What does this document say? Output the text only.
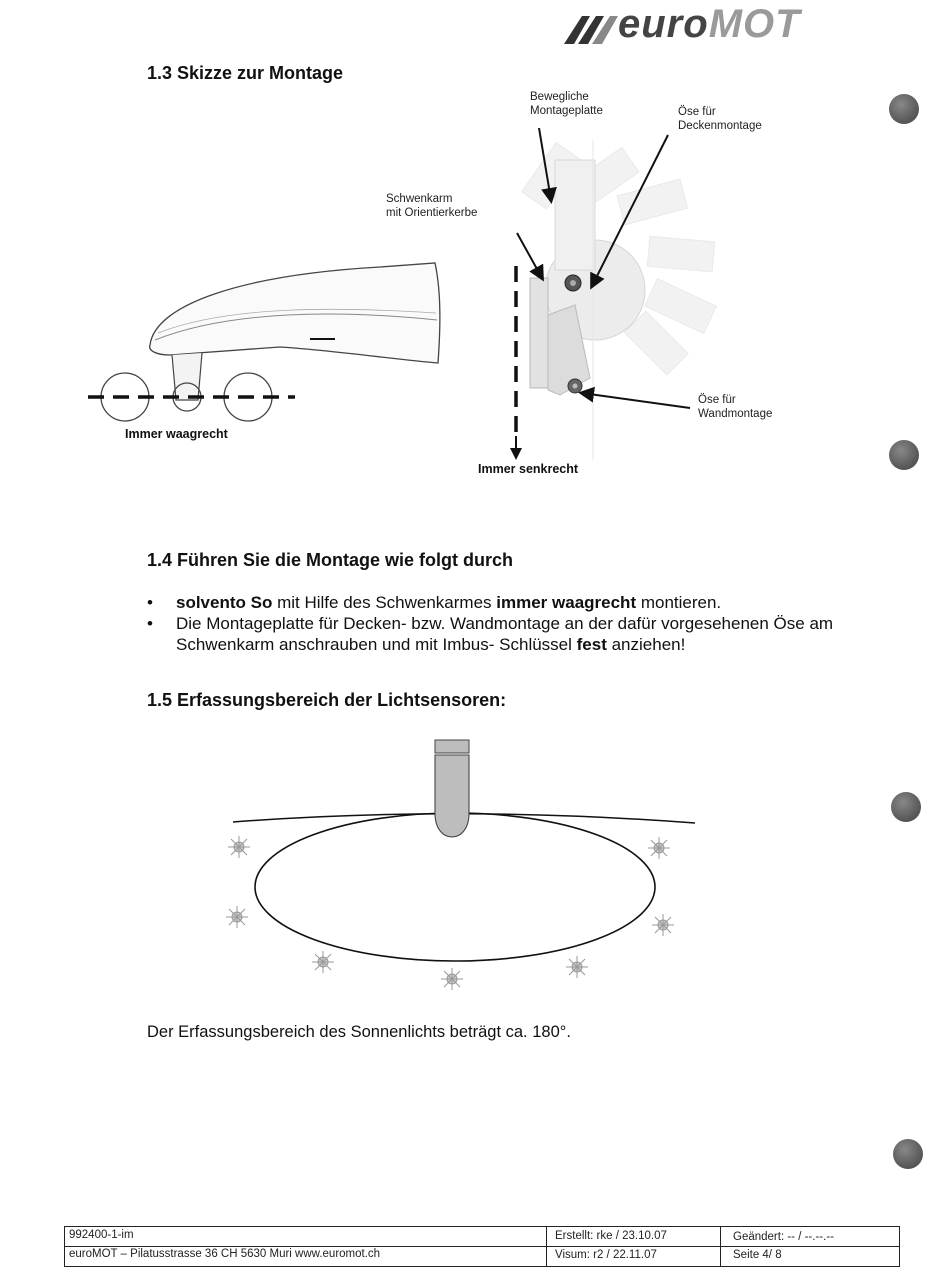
euroMOT
1.3 Skizze zur Montage
Immer waagrecht
Immer senkrecht
Bewegliche
Montageplatte	Öse für
Deckenmontage
Schwenkarm
mit Orientierkerbe
Öse für
Wandmontage
1.4 Führen Sie die Montage wie folgt durch
• solvento So mit Hilfe des Schwenkarmes immer waagrecht montieren.
• Die Montageplatte für Decken- bzw. Wandmontage an der dafür vorgesehenen Öse am Schwenkarm anschrauben und mit Imbus- Schlüssel fest anziehen!
1.5 Erfassungsbereich der Lichtsensoren:
Der Erfassungsbereich des Sonnenlichts beträgt ca. 180°.
992400-1-im
euroMOT – Pilatusstrasse 36 CH 5630 Muri www.euromot.ch
Erstellt: rke / 23.10.07
Visum: r2 / 22.11.07
Geändert: -- / --.--.--
Seite 4/ 8
